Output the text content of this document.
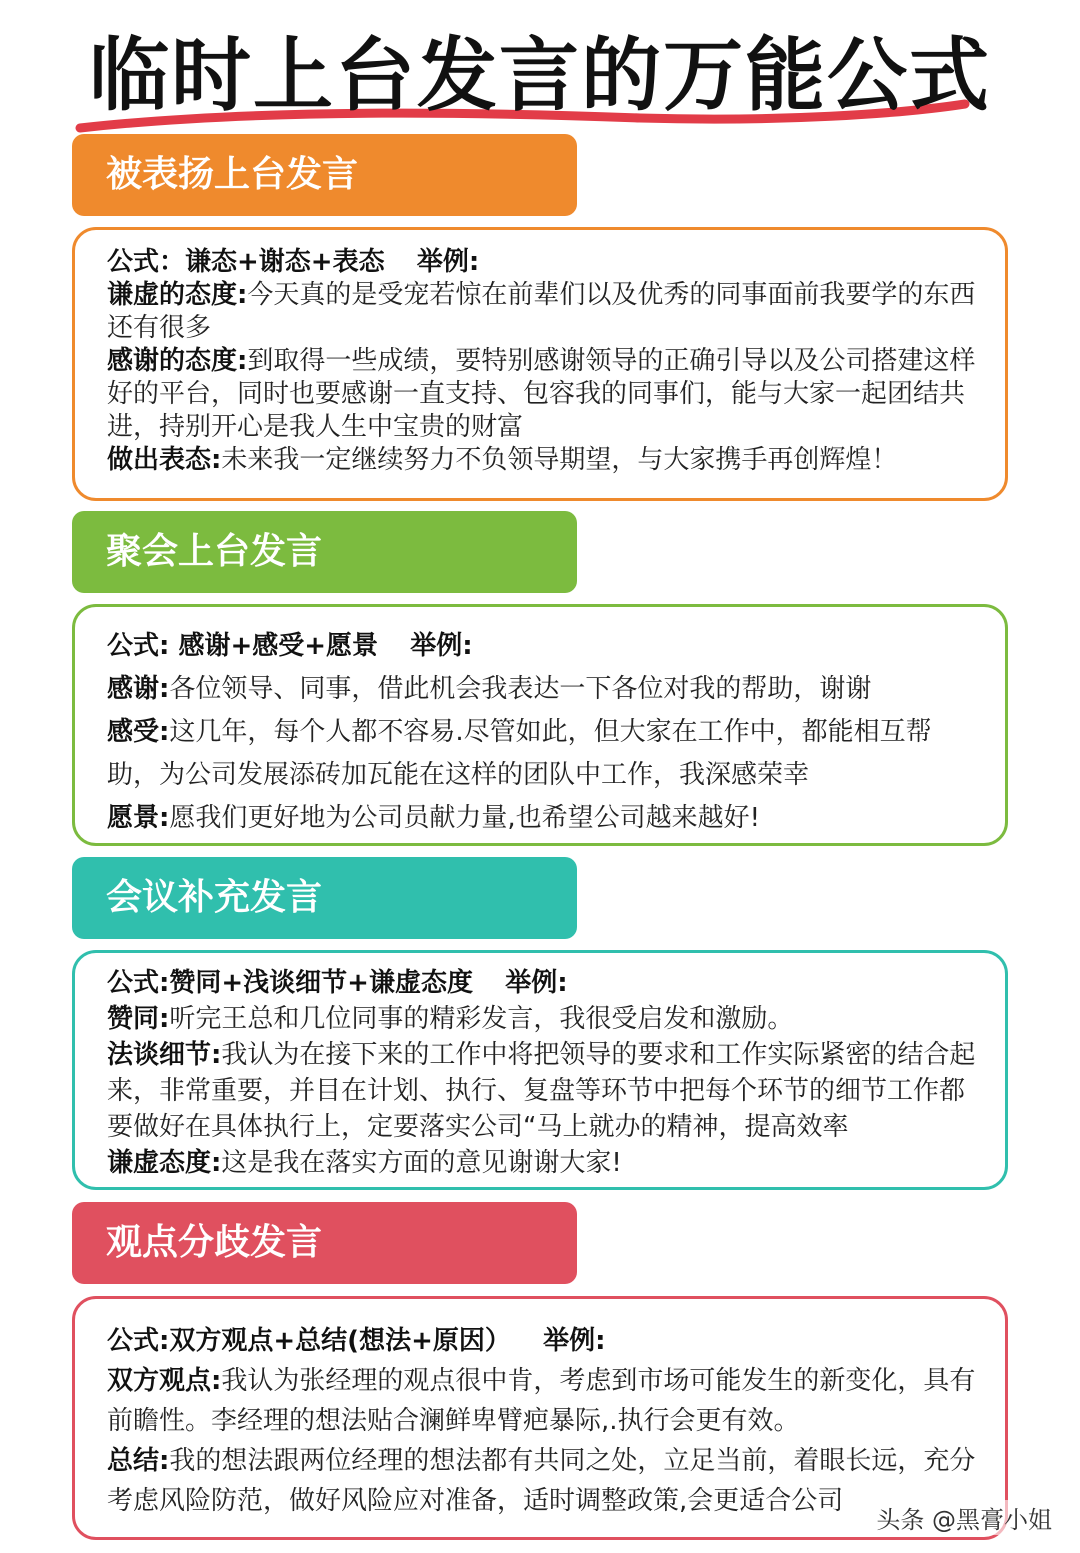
临时上台发言的万能公式
被表扬上台发言

公式：谦态+谢态+表态 举例:

谦虚的态度:今天真的是受宠若惊在前辈们以及优秀的同事面前我要学的东西还有很多

感谢的态度:到取得一些成绩，要特别感谢领导的正确引导以及公司搭建这样好的平台，同时也要感谢一直支持、包容我的同事们，能与大家一起团结共进，持别开心是我人生中宝贵的财富

做出表态:未来我一定继续努力不负领导期望，与大家携手再创辉煌！

聚会上台发言

公式: 感谢+感受+愿景 举例:

感谢:各位领导、同事，借此机会我表达一下各位对我的帮助，谢谢

感受:这几年，每个人都不容易.尽管如此，但大家在工作中，都能相互帮助，为公司发展添砖加瓦能在这样的团队中工作，我深感荣幸

愿景:愿我们更好地为公司员献力量,也希望公司越来越好!

会议补充发言

公式:赞同+浅谈细节+谦虚态度 举例:

赞同:听完王总和几位同事的精彩发言，我很受启发和激励。

法谈细节:我认为在接下来的工作中将把领导的要求和工作实际紧密的结合起来，非常重要，并目在计划、执行、复盘等环节中把每个环节的细节工作都要做好在具体执行上，定要落实公司“马上就办的精神，提高效率

谦虚态度:这是我在落实方面的意见谢谢大家!

观点分歧发言

公式:双方观点+总结(想法+原因） 举例:

双方观点:我认为张经理的观点很中肯，考虑到市场可能发生的新变化，具有前瞻性。李经理的想法贴合澜鲜卑臂疤暴际,.执行会更有效。

总结:我的想法跟两位经理的想法都有共同之处，立足当前，着眼长远，充分考虑风险防范，做好风险应对准备，适时调整政策,会更适合公司

头条 @黑膏小姐
